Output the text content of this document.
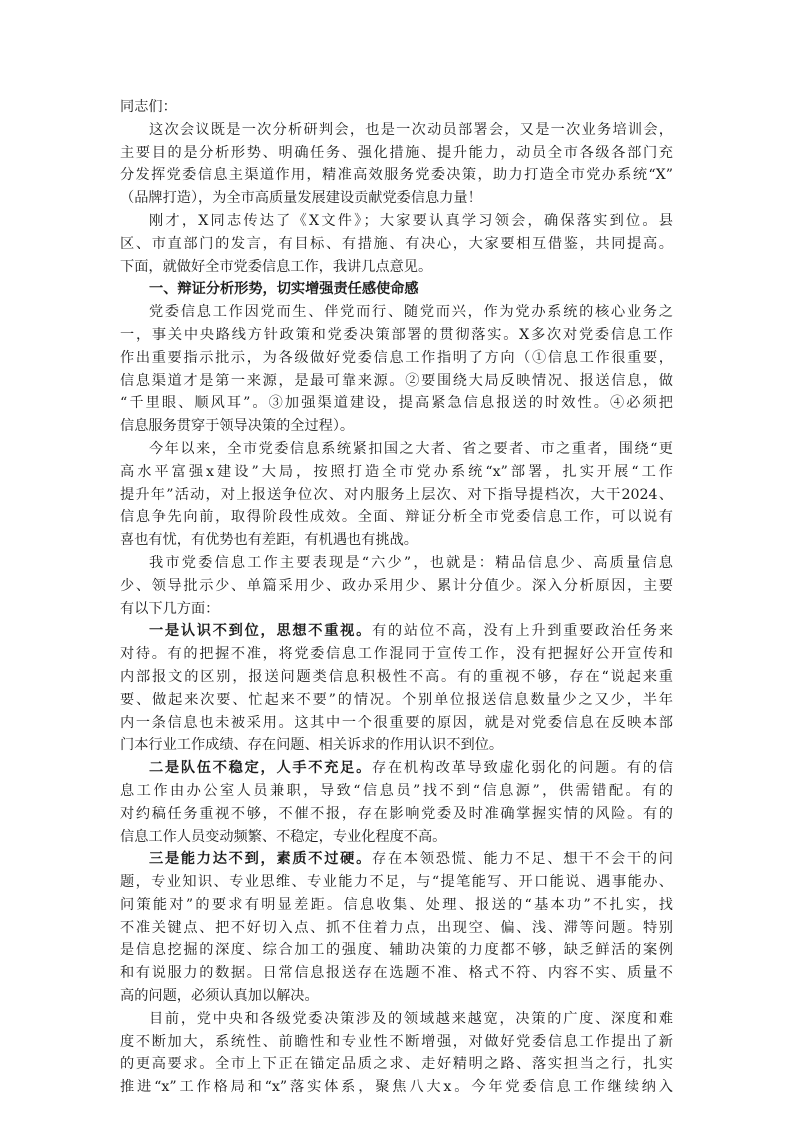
同志们：
这次会议既是一次分析研判会，也是一次动员部署会，又是一次业务培训会，
主要目的是分析形势、明确任务、强化措施、提升能力，动员全市各级各部门充
分发挥党委信息主渠道作用，精准高效服务党委决策，助力打造全市党办系统“X”
（品牌打造），为全市高质量发展建设贡献党委信息力量！
刚才，X同志传达了《X文件》；大家要认真学习领会，确保落实到位。县
区、市直部门的发言，有目标、有措施、有决心，大家要相互借鉴，共同提高。
下面，就做好全市党委信息工作，我讲几点意见。
一、辩证分析形势，切实增强责任感使命感
党委信息工作因党而生、伴党而行、随党而兴，作为党办系统的核心业务之
一，事关中央路线方针政策和党委决策部署的贯彻落实。X多次对党委信息工作
作出重要指示批示，为各级做好党委信息工作指明了方向（①信息工作很重要，
信息渠道才是第一来源，是最可靠来源。②要围绕大局反映情况、报送信息，做
“千里眼、顺风耳”。③加强渠道建设，提高紧急信息报送的时效性。④必须把
信息服务贯穿于领导决策的全过程）。
今年以来，全市党委信息系统紧扣国之大者、省之要者、市之重者，围绕“更
高水平富强x建设”大局，按照打造全市党办系统“x”部署，扎实开展“工作
提升年”活动，对上报送争位次、对内服务上层次、对下指导提档次，大干2024、
信息争先向前，取得阶段性成效。全面、辩证分析全市党委信息工作，可以说有
喜也有忧，有优势也有差距，有机遇也有挑战。
我市党委信息工作主要表现是“六少”，也就是：精品信息少、高质量信息
少、领导批示少、单篇采用少、政办采用少、累计分值少。深入分析原因，主要
有以下几方面：
一是认识不到位，思想不重视。有的站位不高，没有上升到重要政治任务来
对待。有的把握不准，将党委信息工作混同于宣传工作，没有把握好公开宣传和
内部报文的区别，报送问题类信息积极性不高。有的重视不够，存在“说起来重
要、做起来次要、忙起来不要”的情况。个别单位报送信息数量少之又少，半年
内一条信息也未被采用。这其中一个很重要的原因，就是对党委信息在反映本部
门本行业工作成绩、存在问题、相关诉求的作用认识不到位。
二是队伍不稳定，人手不充足。存在机构改革导致虚化弱化的问题。有的信
息工作由办公室人员兼职，导致“信息员”找不到“信息源”，供需错配。有的
对约稿任务重视不够，不催不报，存在影响党委及时准确掌握实情的风险。有的
信息工作人员变动频繁、不稳定，专业化程度不高。
三是能力达不到，素质不过硬。存在本领恐慌、能力不足、想干不会干的问
题，专业知识、专业思维、专业能力不足，与“提笔能写、开口能说、遇事能办、
问策能对”的要求有明显差距。信息收集、处理、报送的“基本功”不扎实，找
不准关键点、把不好切入点、抓不住着力点，出现空、偏、浅、滞等问题。特别
是信息挖掘的深度、综合加工的强度、辅助决策的力度都不够，缺乏鲜活的案例
和有说服力的数据。日常信息报送存在选题不准、格式不符、内容不实、质量不
高的问题，必须认真加以解决。
目前，党中央和各级党委决策涉及的领域越来越宽，决策的广度、深度和难
度不断加大，系统性、前瞻性和专业性不断增强，对做好党委信息工作提出了新
的更高要求。全市上下正在锚定品质之求、走好精明之路、落实担当之行，扎实
推进“x”工作格局和“x”落实体系，聚焦八大x。今年党委信息工作继续纳入
